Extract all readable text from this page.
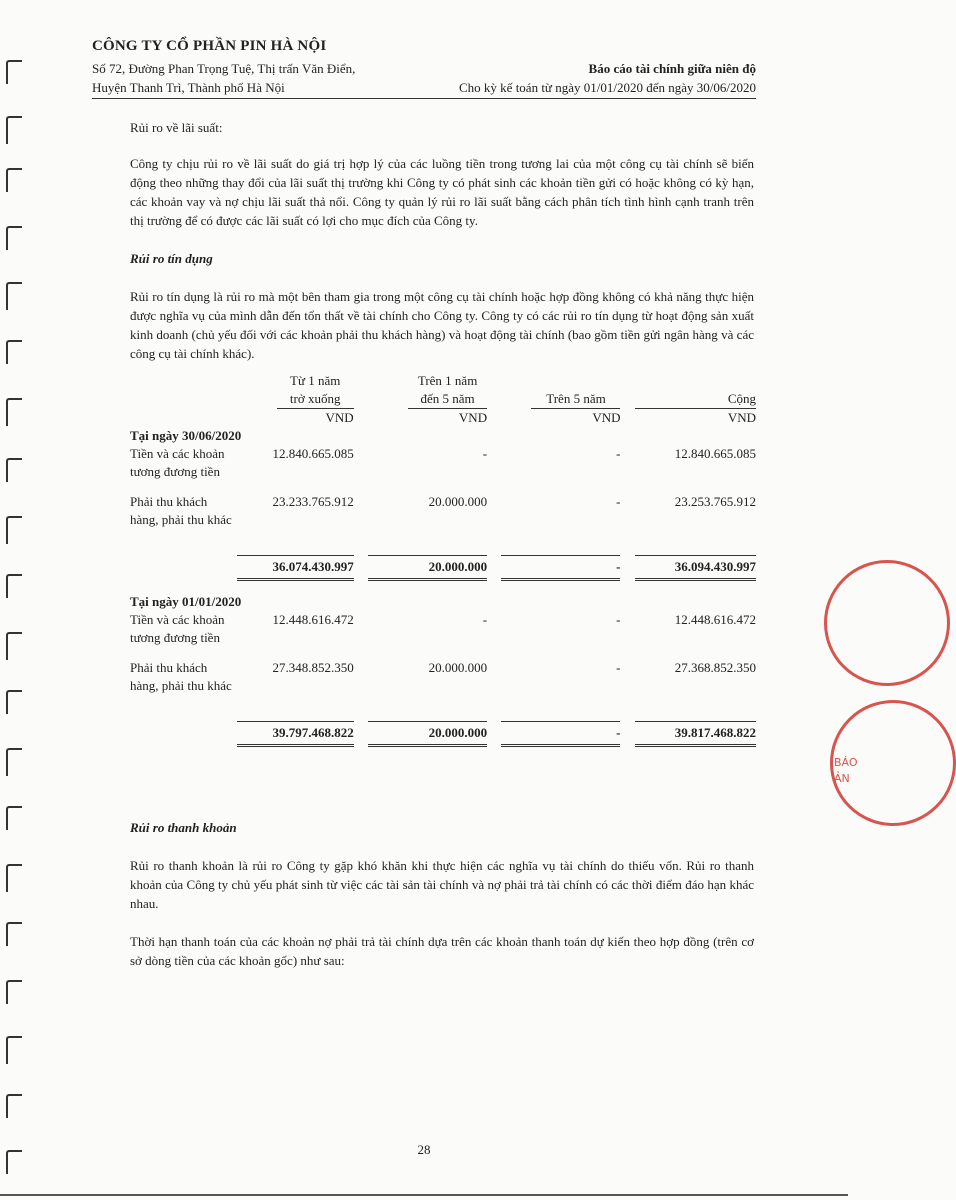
CÔNG TY CỔ PHẦN PIN HÀ NỘI
Số 72, Đường Phan Trọng Tuệ, Thị trấn Văn Điển,	Báo cáo tài chính giữa niên độ
Huyện Thanh Trì, Thành phố Hà Nội	Cho kỳ kế toán từ ngày 01/01/2020 đến ngày 30/06/2020

Rủi ro về lãi suất:

Công ty chịu rủi ro về lãi suất do giá trị hợp lý của các luồng tiền trong tương lai của một công cụ tài chính sẽ biến động theo những thay đổi của lãi suất thị trường khi Công ty có phát sinh các khoản tiền gửi có hoặc không có kỳ hạn, các khoản vay và nợ chịu lãi suất thả nổi. Công ty quản lý rủi ro lãi suất bằng cách phân tích tình hình cạnh tranh trên thị trường để có được các lãi suất có lợi cho mục đích của Công ty.

Rủi ro tín dụng

Rủi ro tín dụng là rủi ro mà một bên tham gia trong một công cụ tài chính hoặc hợp đồng không có khả năng thực hiện được nghĩa vụ của mình dẫn đến tổn thất về tài chính cho Công ty. Công ty có các rủi ro tín dụng từ hoạt động sản xuất kinh doanh (chủ yếu đối với các khoản phải thu khách hàng) và hoạt động tài chính (bao gồm tiền gửi ngân hàng và các công cụ tài chính khác).

	Từ 1 năm
trở xuống		Trên 1 năm
đến 5 năm		Trên 5 năm		Cộng

	VND		VND		VND		VND
Tại ngày 30/06/2020							
Tiền và các khoản tương đương tiền	12.840.665.085		-		-		12.840.665.085

Phải thu khách hàng, phải thu khác	23.233.765.912		20.000.000		-		23.253.765.912

	36.074.430.997		20.000.000		-		36.094.430.997

Tại ngày 01/01/2020							
Tiền và các khoản tương đương tiền	12.448.616.472		-		-		12.448.616.472

Phải thu khách hàng, phải thu khác	27.348.852.350		20.000.000		-		27.368.852.350

	39.797.468.822		20.000.000		-		39.817.468.822

Rủi ro thanh khoản

Rủi ro thanh khoản là rủi ro Công ty gặp khó khăn khi thực hiện các nghĩa vụ tài chính do thiếu vốn. Rủi ro thanh khoản của Công ty chủ yếu phát sinh từ việc các tài sản tài chính và nợ phải trả tài chính có các thời điểm đáo hạn khác nhau.

Thời hạn thanh toán của các khoản nợ phải trả tài chính dựa trên các khoản thanh toán dự kiến theo hợp đồng (trên cơ sở dòng tiền của các khoản gốc) như sau:

28
BÁO
ẢN
